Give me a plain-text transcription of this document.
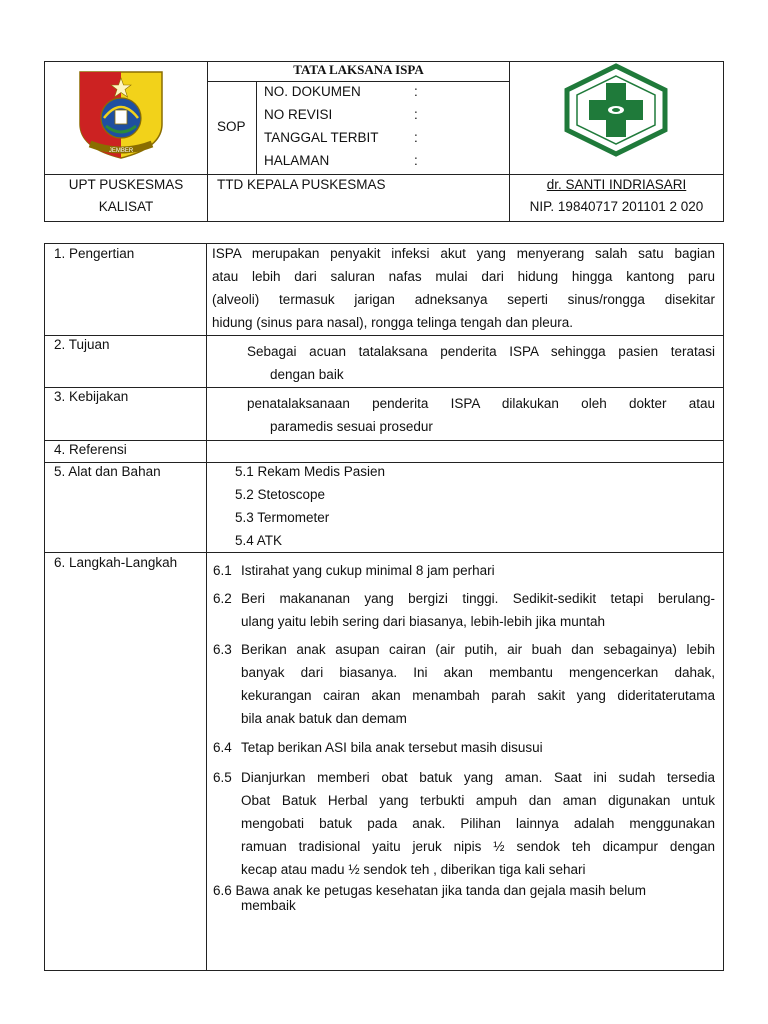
JEMBER
TATA LAKSANA ISPA
SOP
NO. DOKUMEN	:
NO REVISI	:
TANGGAL TERBIT	:
HALAMAN	:
UPT PUSKESMAS
KALISAT
TTD KEPALA PUSKESMAS	dr. SANTI INDRIASARI
NIP. 19840717 201101 2 020
1. Pengertian	ISPA merupakan penyakit infeksi akut yang menyerang salah satu bagian
atau lebih dari saluran nafas mulai dari hidung hingga kantong paru
(alveoli) termasuk jarigan adneksanya seperti sinus/rongga disekitar
hidung (sinus para nasal), rongga telinga tengah dan pleura.
2. Tujuan	Sebagai acuan tatalaksana penderita ISPA sehingga pasien teratasi
dengan baik
3. Kebijakan	penatalaksanaan penderita ISPA dilakukan oleh dokter atau
paramedis sesuai prosedur
4. Referensi
5. Alat dan Bahan	5.1 Rekam Medis Pasien
5.2 Stetoscope
5.3 Termometer
5.4 ATK
6. Langkah-Langkah
6.1 Istirahat yang cukup minimal 8 jam perhari
6.2 Beri makananan yang bergizi tinggi. Sedikit-sedikit tetapi berulang-
ulang yaitu lebih sering dari biasanya, lebih-lebih jika muntah
6.3 Berikan anak asupan cairan (air putih, air buah dan sebagainya) lebih
banyak dari biasanya. Ini akan membantu mengencerkan dahak,
kekurangan cairan akan menambah parah sakit yang dideritaterutama
bila anak batuk dan demam
6.4 Tetap berikan ASI bila anak tersebut masih disusui
6.5 Dianjurkan memberi obat batuk yang aman. Saat ini sudah tersedia
Obat Batuk Herbal yang terbukti ampuh dan aman digunakan untuk
mengobati batuk pada anak. Pilihan lainnya adalah menggunakan
ramuan tradisional yaitu jeruk nipis ½ sendok teh dicampur dengan
kecap atau madu ½ sendok teh , diberikan tiga kali sehari
6.6 Bawa anak ke petugas kesehatan jika tanda dan gejala masih belum
membaik
